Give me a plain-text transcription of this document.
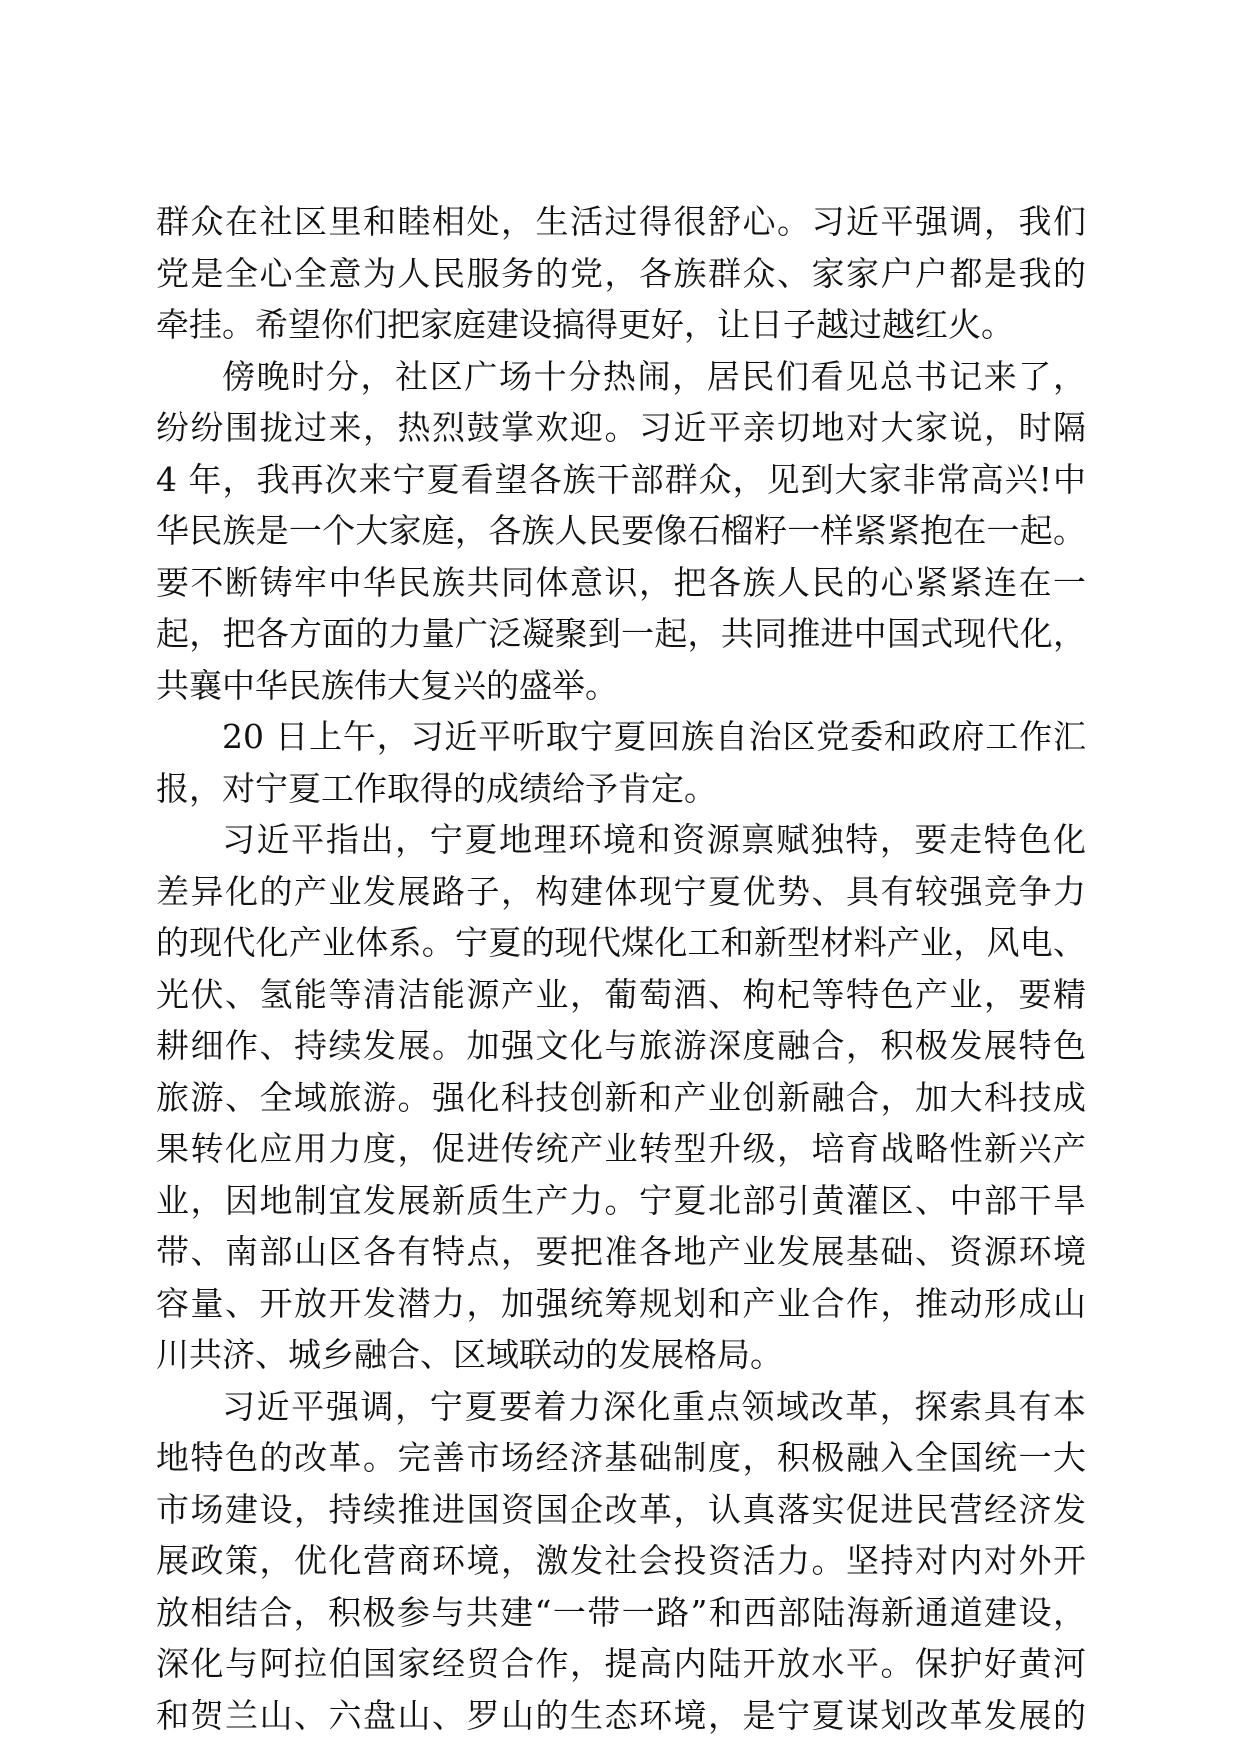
群众在社区里和睦相处，生活过得很舒心。习近平强调，我们
党是全心全意为人民服务的党，各族群众、家家户户都是我的
牵挂。希望你们把家庭建设搞得更好，让日子越过越红火。
傍晚时分，社区广场十分热闹，居民们看见总书记来了，
纷纷围拢过来，热烈鼓掌欢迎。习近平亲切地对大家说，时隔
4 年，我再次来宁夏看望各族干部群众，见到大家非常高兴!中
华民族是一个大家庭，各族人民要像石榴籽一样紧紧抱在一起。
要不断铸牢中华民族共同体意识，把各族人民的心紧紧连在一
起，把各方面的力量广泛凝聚到一起，共同推进中国式现代化，
共襄中华民族伟大复兴的盛举。
20 日上午，习近平听取宁夏回族自治区党委和政府工作汇
报，对宁夏工作取得的成绩给予肯定。
习近平指出，宁夏地理环境和资源禀赋独特，要走特色化
差异化的产业发展路子，构建体现宁夏优势、具有较强竞争力
的现代化产业体系。宁夏的现代煤化工和新型材料产业，风电、
光伏、氢能等清洁能源产业，葡萄酒、枸杞等特色产业，要精
耕细作、持续发展。加强文化与旅游深度融合，积极发展特色
旅游、全域旅游。强化科技创新和产业创新融合，加大科技成
果转化应用力度，促进传统产业转型升级，培育战略性新兴产
业，因地制宜发展新质生产力。宁夏北部引黄灌区、中部干旱
带、南部山区各有特点，要把准各地产业发展基础、资源环境
容量、开放开发潜力，加强统筹规划和产业合作，推动形成山
川共济、城乡融合、区域联动的发展格局。
习近平强调，宁夏要着力深化重点领域改革，探索具有本
地特色的改革。完善市场经济基础制度，积极融入全国统一大
市场建设，持续推进国资国企改革，认真落实促进民营经济发
展政策，优化营商环境，激发社会投资活力。坚持对内对外开
放相结合，积极参与共建“一带一路”和西部陆海新通道建设，
深化与阿拉伯国家经贸合作，提高内陆开放水平。保护好黄河
和贺兰山、六盘山、罗山的生态环境，是宁夏谋划改革发展的
